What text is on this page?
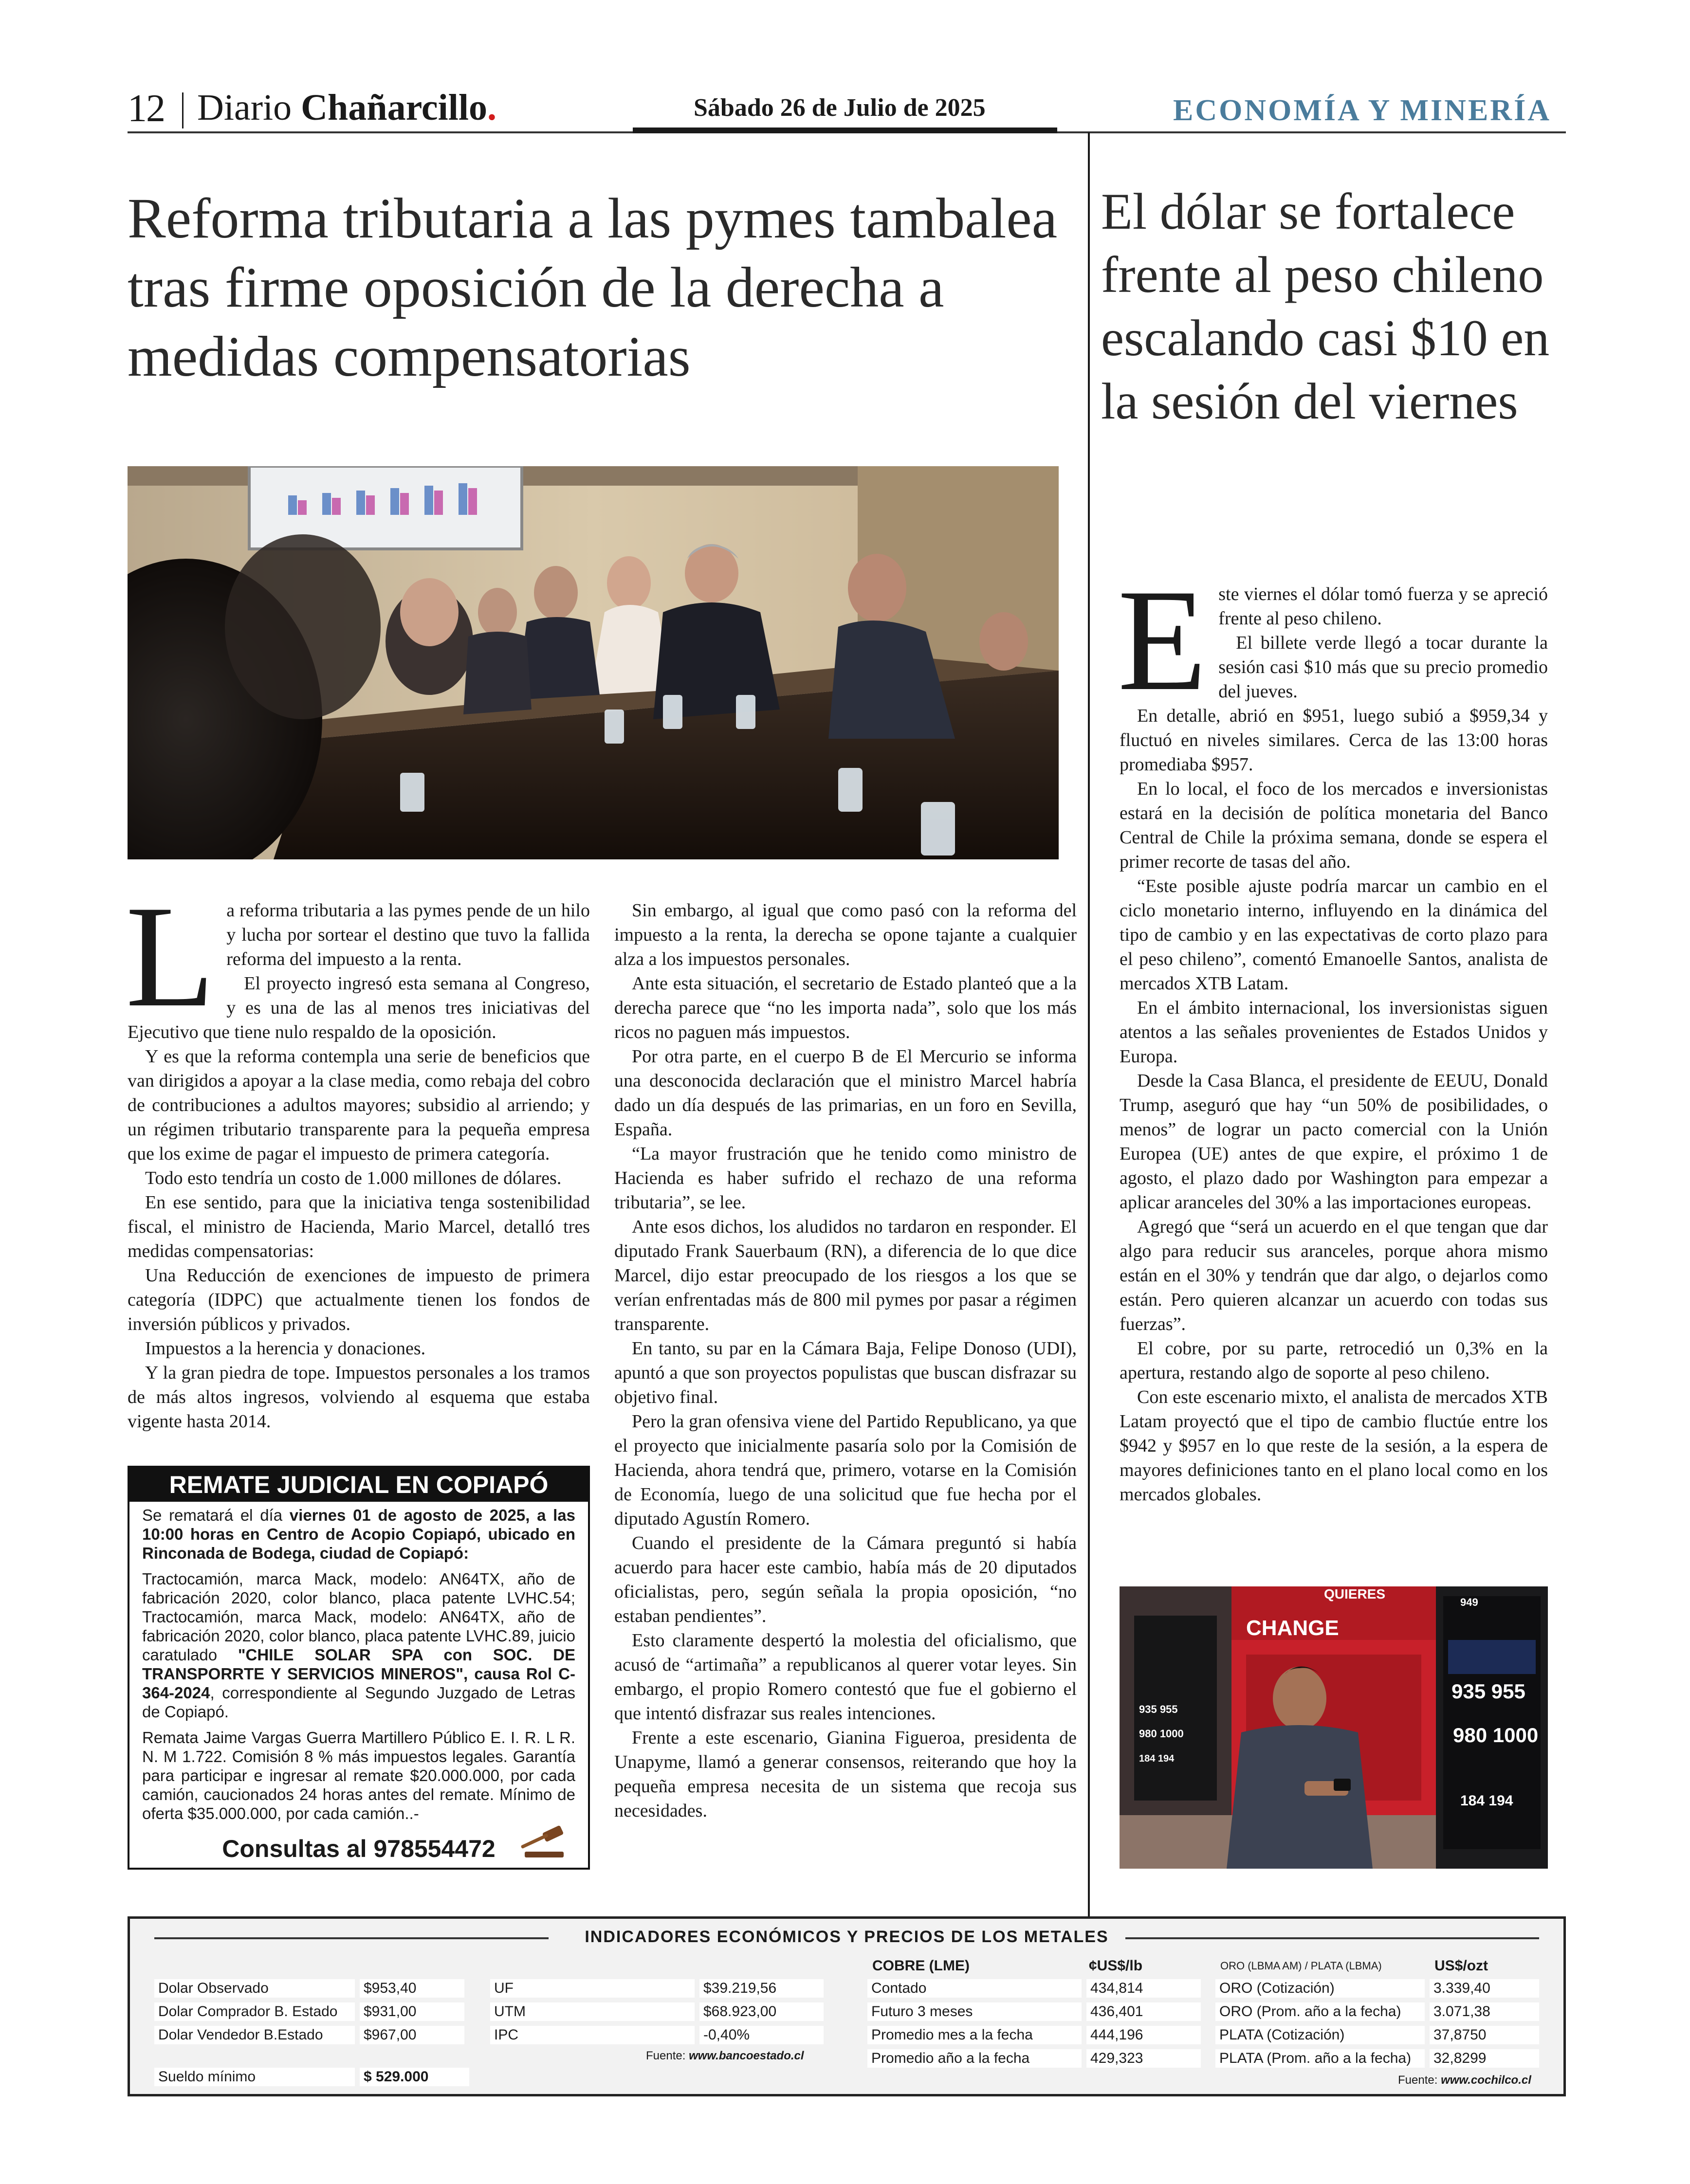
12 Diario Chañarcillo.	Sábado 26 de Julio de 2025	ECONOMÍA Y MINERÍA
Reforma tributaria a las pymes tambalea tras firme oposición de la derecha a medidas compensatorias
L a reforma tributaria a las pymes pende de un hilo y lucha por sortear el destino que tuvo la fallida reforma del impuesto a la renta.

El proyecto ingresó esta semana al Congreso, y es una de las al menos tres iniciativas del Ejecutivo que tiene nulo respaldo de la oposición.

Y es que la reforma contempla una serie de beneficios que van dirigidos a apoyar a la clase media, como rebaja del cobro de contribuciones a adultos mayores; subsidio al arriendo; y un régimen tributario transparente para la pequeña empresa que los exime de pagar el impuesto de primera categoría.

Todo esto tendría un costo de 1.000 millones de dólares.

En ese sentido, para que la iniciativa tenga sostenibilidad fiscal, el ministro de Hacienda, Mario Marcel, detalló tres medidas compensatorias:

Una Reducción de exenciones de impuesto de primera categoría (IDPC) que actualmente tienen los fondos de inversión públicos y privados.

Impuestos a la herencia y donaciones.

Y la gran piedra de tope. Impuestos personales a los tramos de más altos ingresos, volviendo al esquema que estaba vigente hasta 2014.

Sin embargo, al igual que como pasó con la reforma del impuesto a la renta, la derecha se opone tajante a cualquier alza a los impuestos personales.

Ante esta situación, el secretario de Estado planteó que a la derecha parece que “no les importa nada”, solo que los más ricos no paguen más impuestos.

Por otra parte, en el cuerpo B de El Mercurio se informa una desconocida declaración que el ministro Marcel habría dado un día después de las primarias, en un foro en Sevilla, España.

“La mayor frustración que he tenido como ministro de Hacienda es haber sufrido el rechazo de una reforma tributaria”, se lee.

Ante esos dichos, los aludidos no tardaron en responder. El diputado Frank Sauerbaum (RN), a diferencia de lo que dice Marcel, dijo estar preocupado de los riesgos a los que se verían enfrentadas más de 800 mil pymes por pasar a régimen transparente.

En tanto, su par en la Cámara Baja, Felipe Donoso (UDI), apuntó a que son proyectos populistas que buscan disfrazar su objetivo final.

Pero la gran ofensiva viene del Partido Republicano, ya que el proyecto que inicialmente pasaría solo por la Comisión de Hacienda, ahora tendrá que, primero, votarse en la Comisión de Economía, luego de una solicitud que fue hecha por el diputado Agustín Romero.

Cuando el presidente de la Cámara preguntó si había acuerdo para hacer este cambio, había más de 20 diputados oficialistas, pero, según señala la propia oposición, “no estaban pendientes”.

Esto claramente despertó la molestia del oficialismo, que acusó de “artimaña” a republicanos al querer votar leyes. Sin embargo, el propio Romero contestó que fue el gobierno el que intentó disfrazar sus reales intenciones.

Frente a este escenario, Gianina Figueroa, presidenta de Unapyme, llamó a generar consensos, reiterando que hoy la pequeña empresa necesita de un sistema que recoja sus necesidades.

REMATE JUDICIAL EN COPIAPÓ

Se rematará el día viernes 01 de agosto de 2025, a las 10:00 horas en Centro de Acopio Copiapó, ubicado en Rinconada de Bodega, ciudad de Copiapó:

Tractocamión, marca Mack, modelo: AN64TX, año de fabricación 2020, color blanco, placa patente LVHC.54; Tractocamión, marca Mack, modelo: AN64TX, año de fabricación 2020, color blanco, placa patente LVHC.89, juicio caratulado "CHILE SOLAR SPA con SOC. DE TRANSPORRTE Y SERVICIOS MINEROS", causa Rol C-364-2024, correspondiente al Segundo Juzgado de Letras de Copiapó.

Remata Jaime Vargas Guerra Martillero Público E. I. R. L R. N. M 1.722. Comisión 8 % más impuestos legales. Garantía para participar e ingresar al remate $20.000.000, por cada camión, caucionados 24 horas antes del remate. Mínimo de oferta $35.000.000, por cada camión..-

Consultas al 978554472
El dólar se fortalece frente al peso chileno escalando casi $10 en la sesión del viernes
E ste viernes el dólar tomó fuerza y se apreció frente al peso chileno.

El billete verde llegó a tocar durante la sesión casi $10 más que su precio promedio del jueves.

En detalle, abrió en $951, luego subió a $959,34 y fluctuó en niveles similares. Cerca de las 13:00 horas promediaba $957.

En lo local, el foco de los mercados e inversionistas estará en la decisión de política monetaria del Banco Central de Chile la próxima semana, donde se espera el primer recorte de tasas del año.

“Este posible ajuste podría marcar un cambio en el ciclo monetario interno, influyendo en la dinámica del tipo de cambio y en las expectativas de corto plazo para el peso chileno”, comentó Emanoelle Santos, analista de mercados XTB Latam.

En el ámbito internacional, los inversionistas siguen atentos a las señales provenientes de Estados Unidos y Europa.

Desde la Casa Blanca, el presidente de EEUU, Donald Trump, aseguró que hay “un 50% de posibilidades, o menos” de lograr un pacto comercial con la Unión Europea (UE) antes de que expire, el próximo 1 de agosto, el plazo dado por Washington para empezar a aplicar aranceles del 30% a las importaciones europeas.

Agregó que “será un acuerdo en el que tengan que dar algo para reducir sus aranceles, porque ahora mismo están en el 30% y tendrán que dar algo, o dejarlos como están. Pero quieren alcanzar un acuerdo con todas sus fuerzas”.

El cobre, por su parte, retrocedió un 0,3% en la apertura, restando algo de soporte al peso chileno.

Con este escenario mixto, el analista de mercados XTB Latam proyectó que el tipo de cambio fluctúe entre los $942 y $957 en lo que reste de la sesión, a la espera de mayores definiciones tanto en el plano local como en los mercados globales.

QUIERES
CHANGE
949
935 955
980 1000
184 194
935 955
980 1000
184 194
INDICADORES ECONÓMICOS Y PRECIOS DE LOS METALES
Dolar Observado	$953,40
Dolar Comprador B. Estado	$931,00
Dolar Vendedor B.Estado	$967,00
Sueldo mínimo	$ 529.000
UF	$39.219,56
UTM	$68.923,00
IPC	-0,40%
Fuente: www.bancoestado.cl
COBRE (LME)	¢US$/lb
Contado	434,814
Futuro 3 meses	436,401
Promedio mes a la fecha	444,196
Promedio año a la fecha	429,323
ORO (LBMA AM) / PLATA (LBMA)	US$/ozt
ORO (Cotización)	3.339,40
ORO (Prom. año a la fecha)	3.071,38
PLATA (Cotización)	37,8750
PLATA (Prom. año a la fecha)	32,8299
Fuente: www.cochilco.cl
